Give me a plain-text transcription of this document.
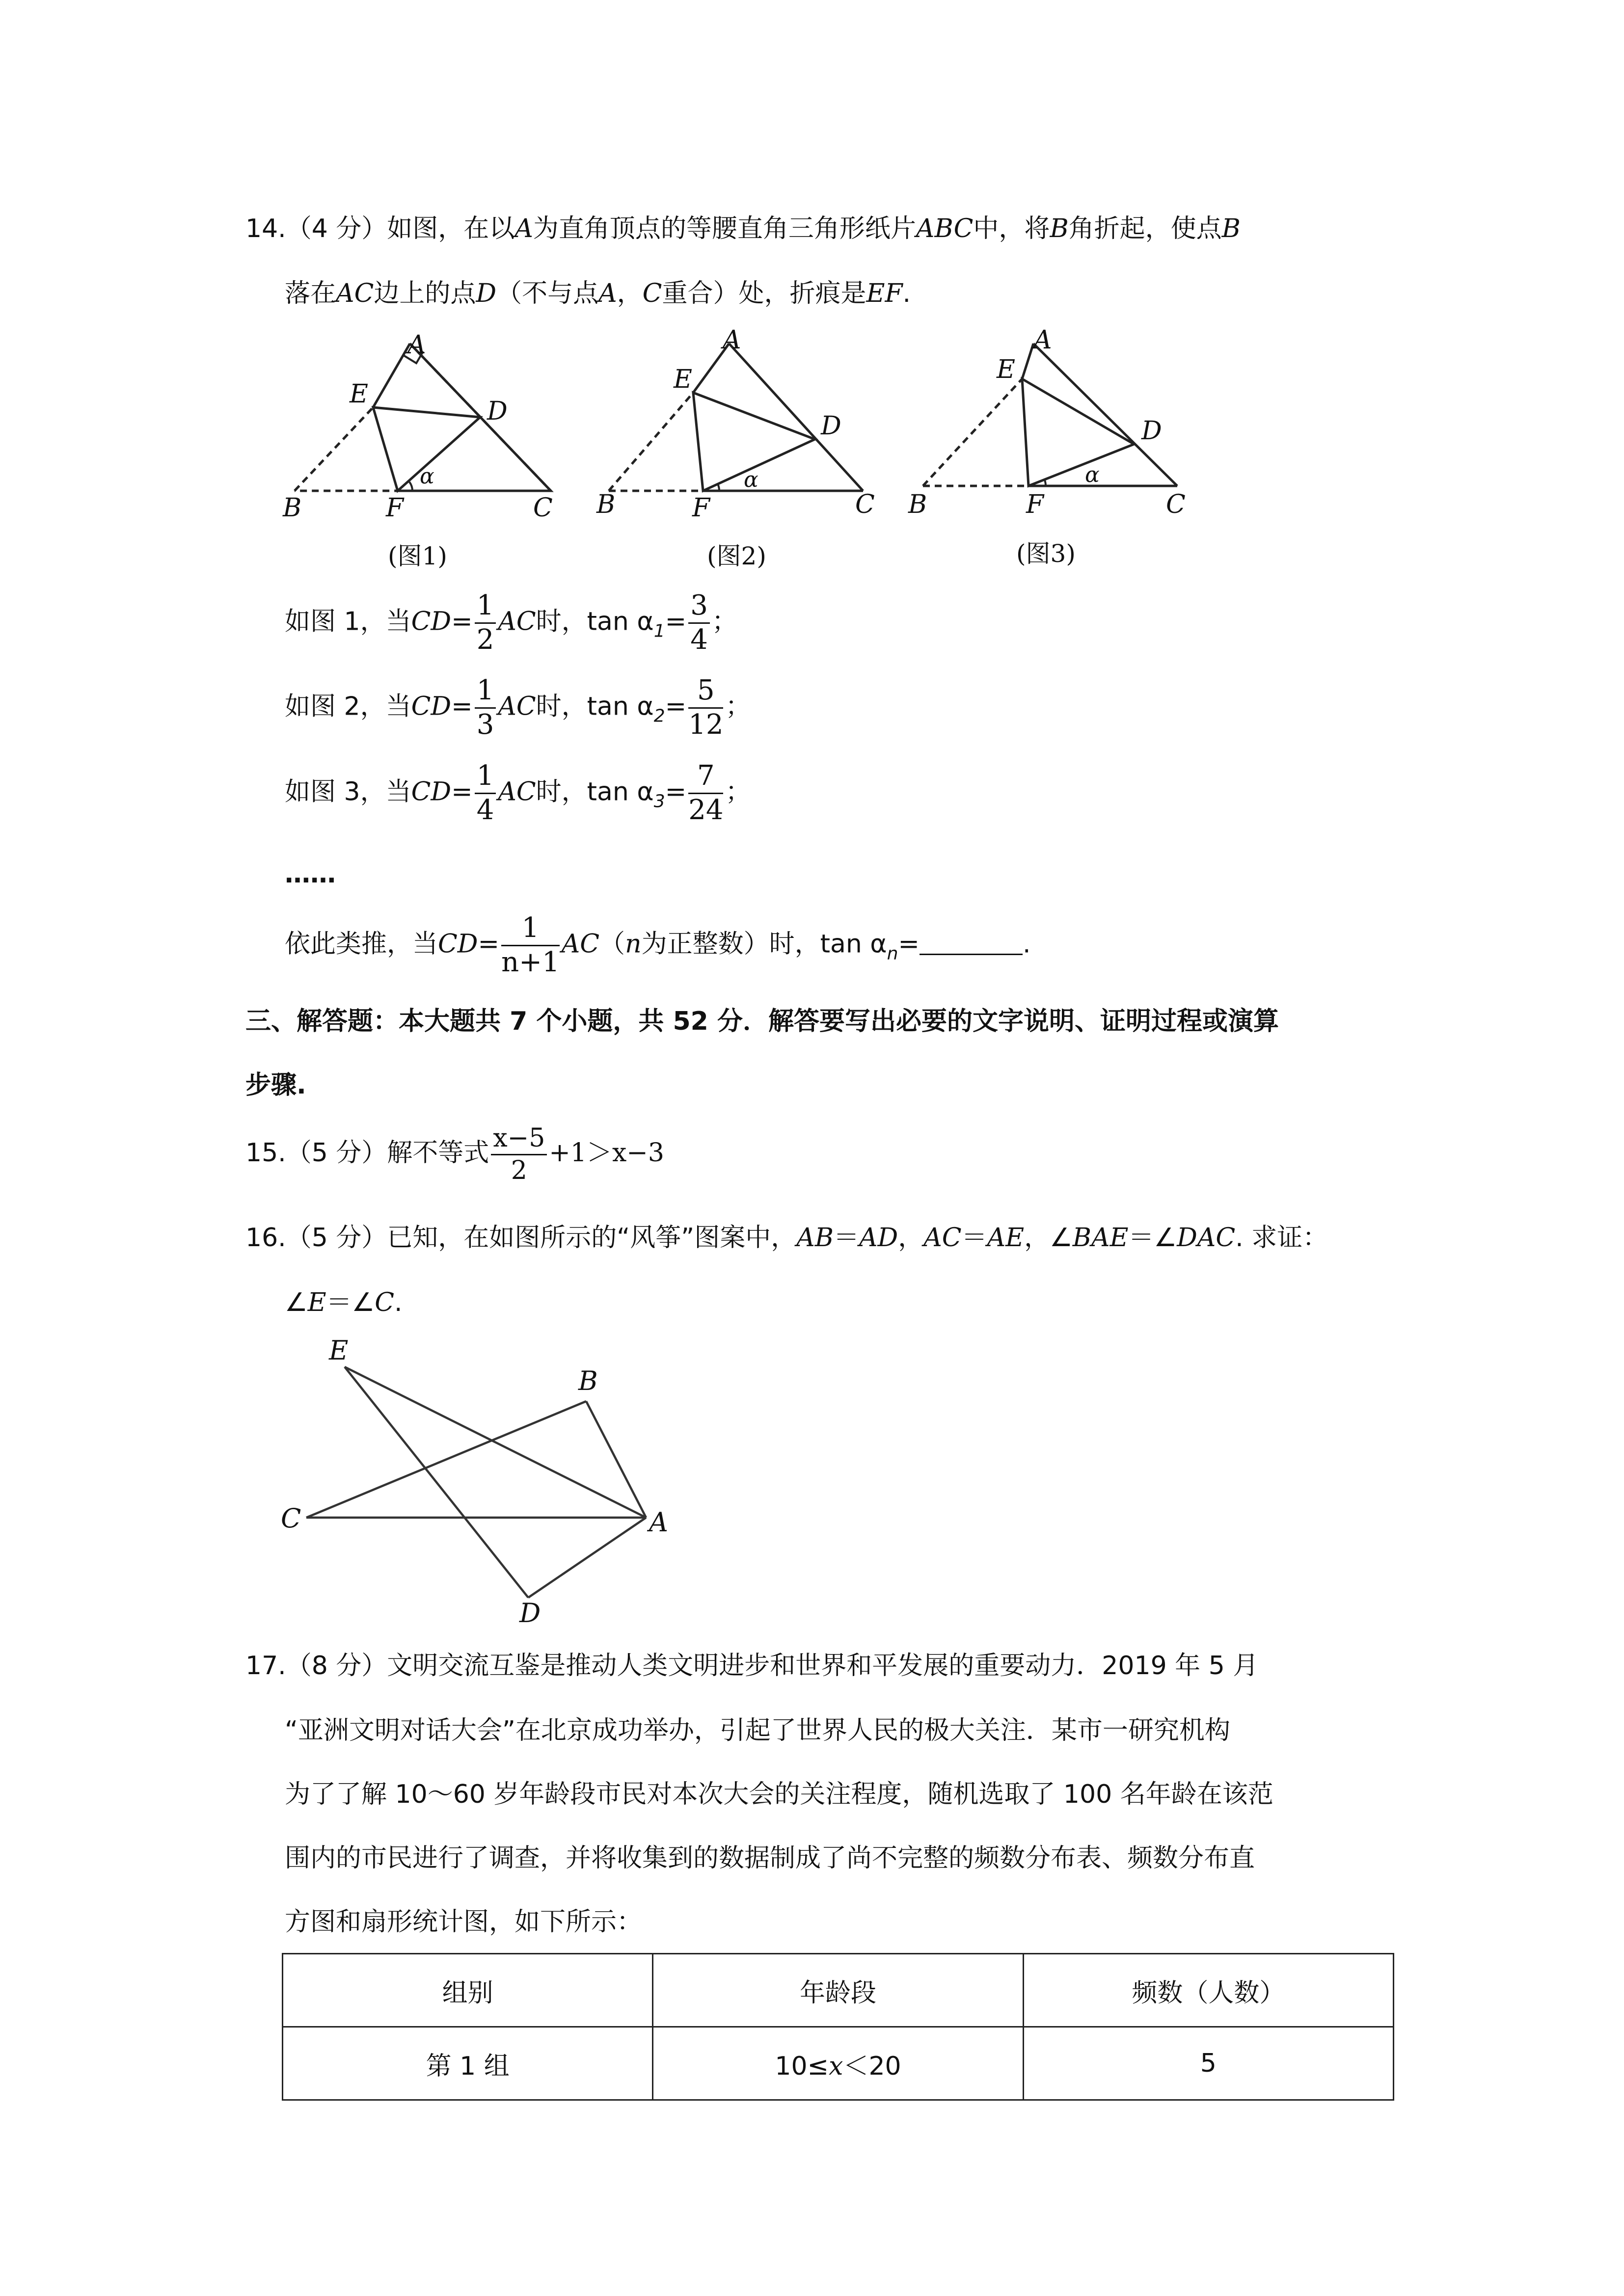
14.（4 分）如图，在以A为直角顶点的等腰直角三角形纸片ABC中，将B角折起，使点B
落在AC边上的点D（不与点A，C重合）处，折痕是EF.
A
E
D
B	F	C
α
A
E
D
B	F	C
α
A
E
D
B	F	C
α
(图1)	(图2)	(图3)
如图 1，当$CD= \frac{1}{2}$ AC时，$\tan \alpha_1= \frac{3}{4}$ ；
如图 2，当$CD= \frac{1}{3}$ AC时，$\tan \alpha_2= \frac{5}{12}$ ；
如图 3，当$CD= \frac{1}{4}$ AC时，$\tan \alpha_3= \frac{7}{24}$ ；
……
依此类推，当$CD= \frac{1}{n+1} AC(n$为正整数）时，$\tan \alpha_n=$	.
三、解答题：本大题共 7 个小题，共 52 分．解答要写出必要的文字说明、证明过程或演算
步骤.
15.（5 分）解不等式 $\frac{x-5}{2} +1>x-3$
16.（5 分）已知，在如图所示的“风筝”图案中，AB＝AD，AC＝AE，∠BAE＝∠DAC. 求证：
∠E＝∠C.
E
B
C	A
D
17.（8 分）文明交流互鉴是推动人类文明进步和世界和平发展的重要动力．2019 年 5 月
“亚洲文明对话大会”在北京成功举办，引起了世界人民的极大关注．某市一研究机构
为了了解 10～60 岁年龄段市民对本次大会的关注程度，随机选取了 100 名年龄在该范
围内的市民进行了调查，并将收集到的数据制成了尚不完整的频数分布表、频数分布直
方图和扇形统计图，如下所示：
组别	年龄段	频数（人数）
第 1 组	10≤x＜20	5
